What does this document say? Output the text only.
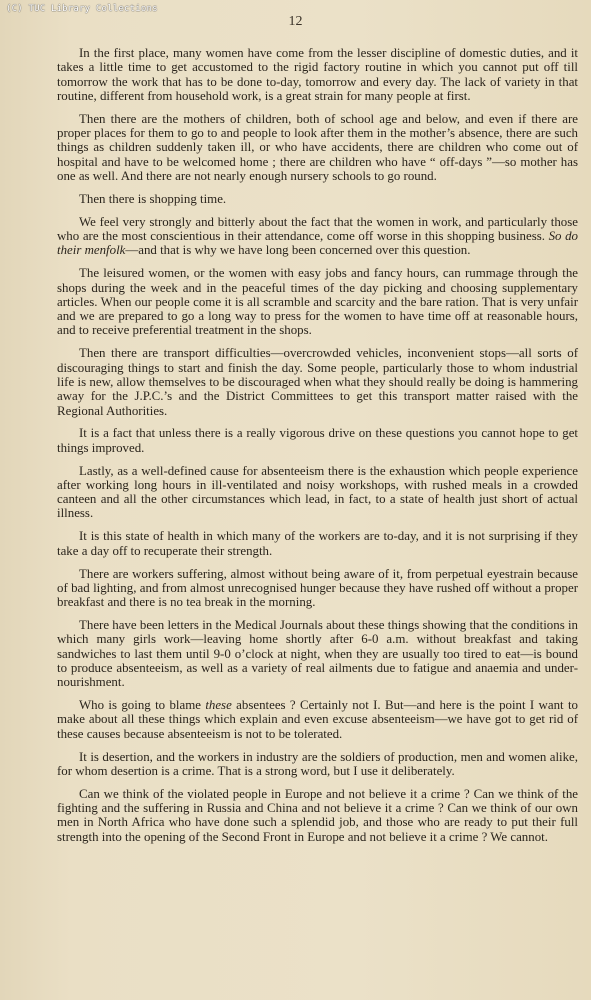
(C) TUC Library Collections
12

In the first place, many women have come from the lesser discipline of domestic duties, and it takes a little time to get accustomed to the rigid factory routine in which you cannot put off till tomorrow the work that has to be done to-day, tomorrow and every day. The lack of variety in that routine, different from household work, is a great strain for many people at first.

Then there are the mothers of children, both of school age and below, and even if there are proper places for them to go to and people to look after them in the mother’s absence, there are such things as children suddenly taken ill, or who have accidents, there are children who come out of hospital and have to be welcomed home ; there are children who have “ off-days ”—so mother has one as well. And there are not nearly enough nursery schools to go round.

Then there is shopping time.

We feel very strongly and bitterly about the fact that the women in work, and particularly those who are the most conscientious in their attendance, come off worse in this shopping business. So do their menfolk—and that is why we have long been concerned over this question.

The leisured women, or the women with easy jobs and fancy hours, can rummage through the shops during the week and in the peaceful times of the day picking and choosing supplementary articles. When our people come it is all scramble and scarcity and the bare ration. That is very unfair and we are prepared to go a long way to press for the women to have time off at reasonable hours, and to receive preferential treatment in the shops.

Then there are transport difficulties—overcrowded vehicles, inconvenient stops—all sorts of discouraging things to start and finish the day. Some people, particularly those to whom industrial life is new, allow themselves to be discouraged when what they should really be doing is hammering away for the J.P.C.’s and the District Committees to get this transport matter raised with the Regional Authorities.

It is a fact that unless there is a really vigorous drive on these questions you cannot hope to get things improved.

Lastly, as a well-defined cause for absenteeism there is the exhaustion which people experience after working long hours in ill-ventilated and noisy workshops, with rushed meals in a crowded canteen and all the other circumstances which lead, in fact, to a state of health just short of actual illness.

It is this state of health in which many of the workers are to-day, and it is not surprising if they take a day off to recuperate their strength.

There are workers suffering, almost without being aware of it, from perpetual eyestrain because of bad lighting, and from almost unrecognised hunger because they have rushed off without a proper breakfast and there is no tea break in the morning.

There have been letters in the Medical Journals about these things showing that the conditions in which many girls work—leaving home shortly after 6-0 a.m. without breakfast and taking sandwiches to last them until 9-0 o’clock at night, when they are usually too tired to eat—is bound to produce absenteeism, as well as a variety of real ailments due to fatigue and anaemia and under-nourishment.

Who is going to blame these absentees ? Certainly not I. But—and here is the point I want to make about all these things which explain and even excuse absenteeism—we have got to get rid of these causes because absenteeism is not to be tolerated.

It is desertion, and the workers in industry are the soldiers of production, men and women alike, for whom desertion is a crime. That is a strong word, but I use it deliberately.

Can we think of the violated people in Europe and not believe it a crime ? Can we think of the fighting and the suffering in Russia and China and not believe it a crime ? Can we think of our own men in North Africa who have done such a splendid job, and those who are ready to put their full strength into the opening of the Second Front in Europe and not believe it a crime ? We cannot.
